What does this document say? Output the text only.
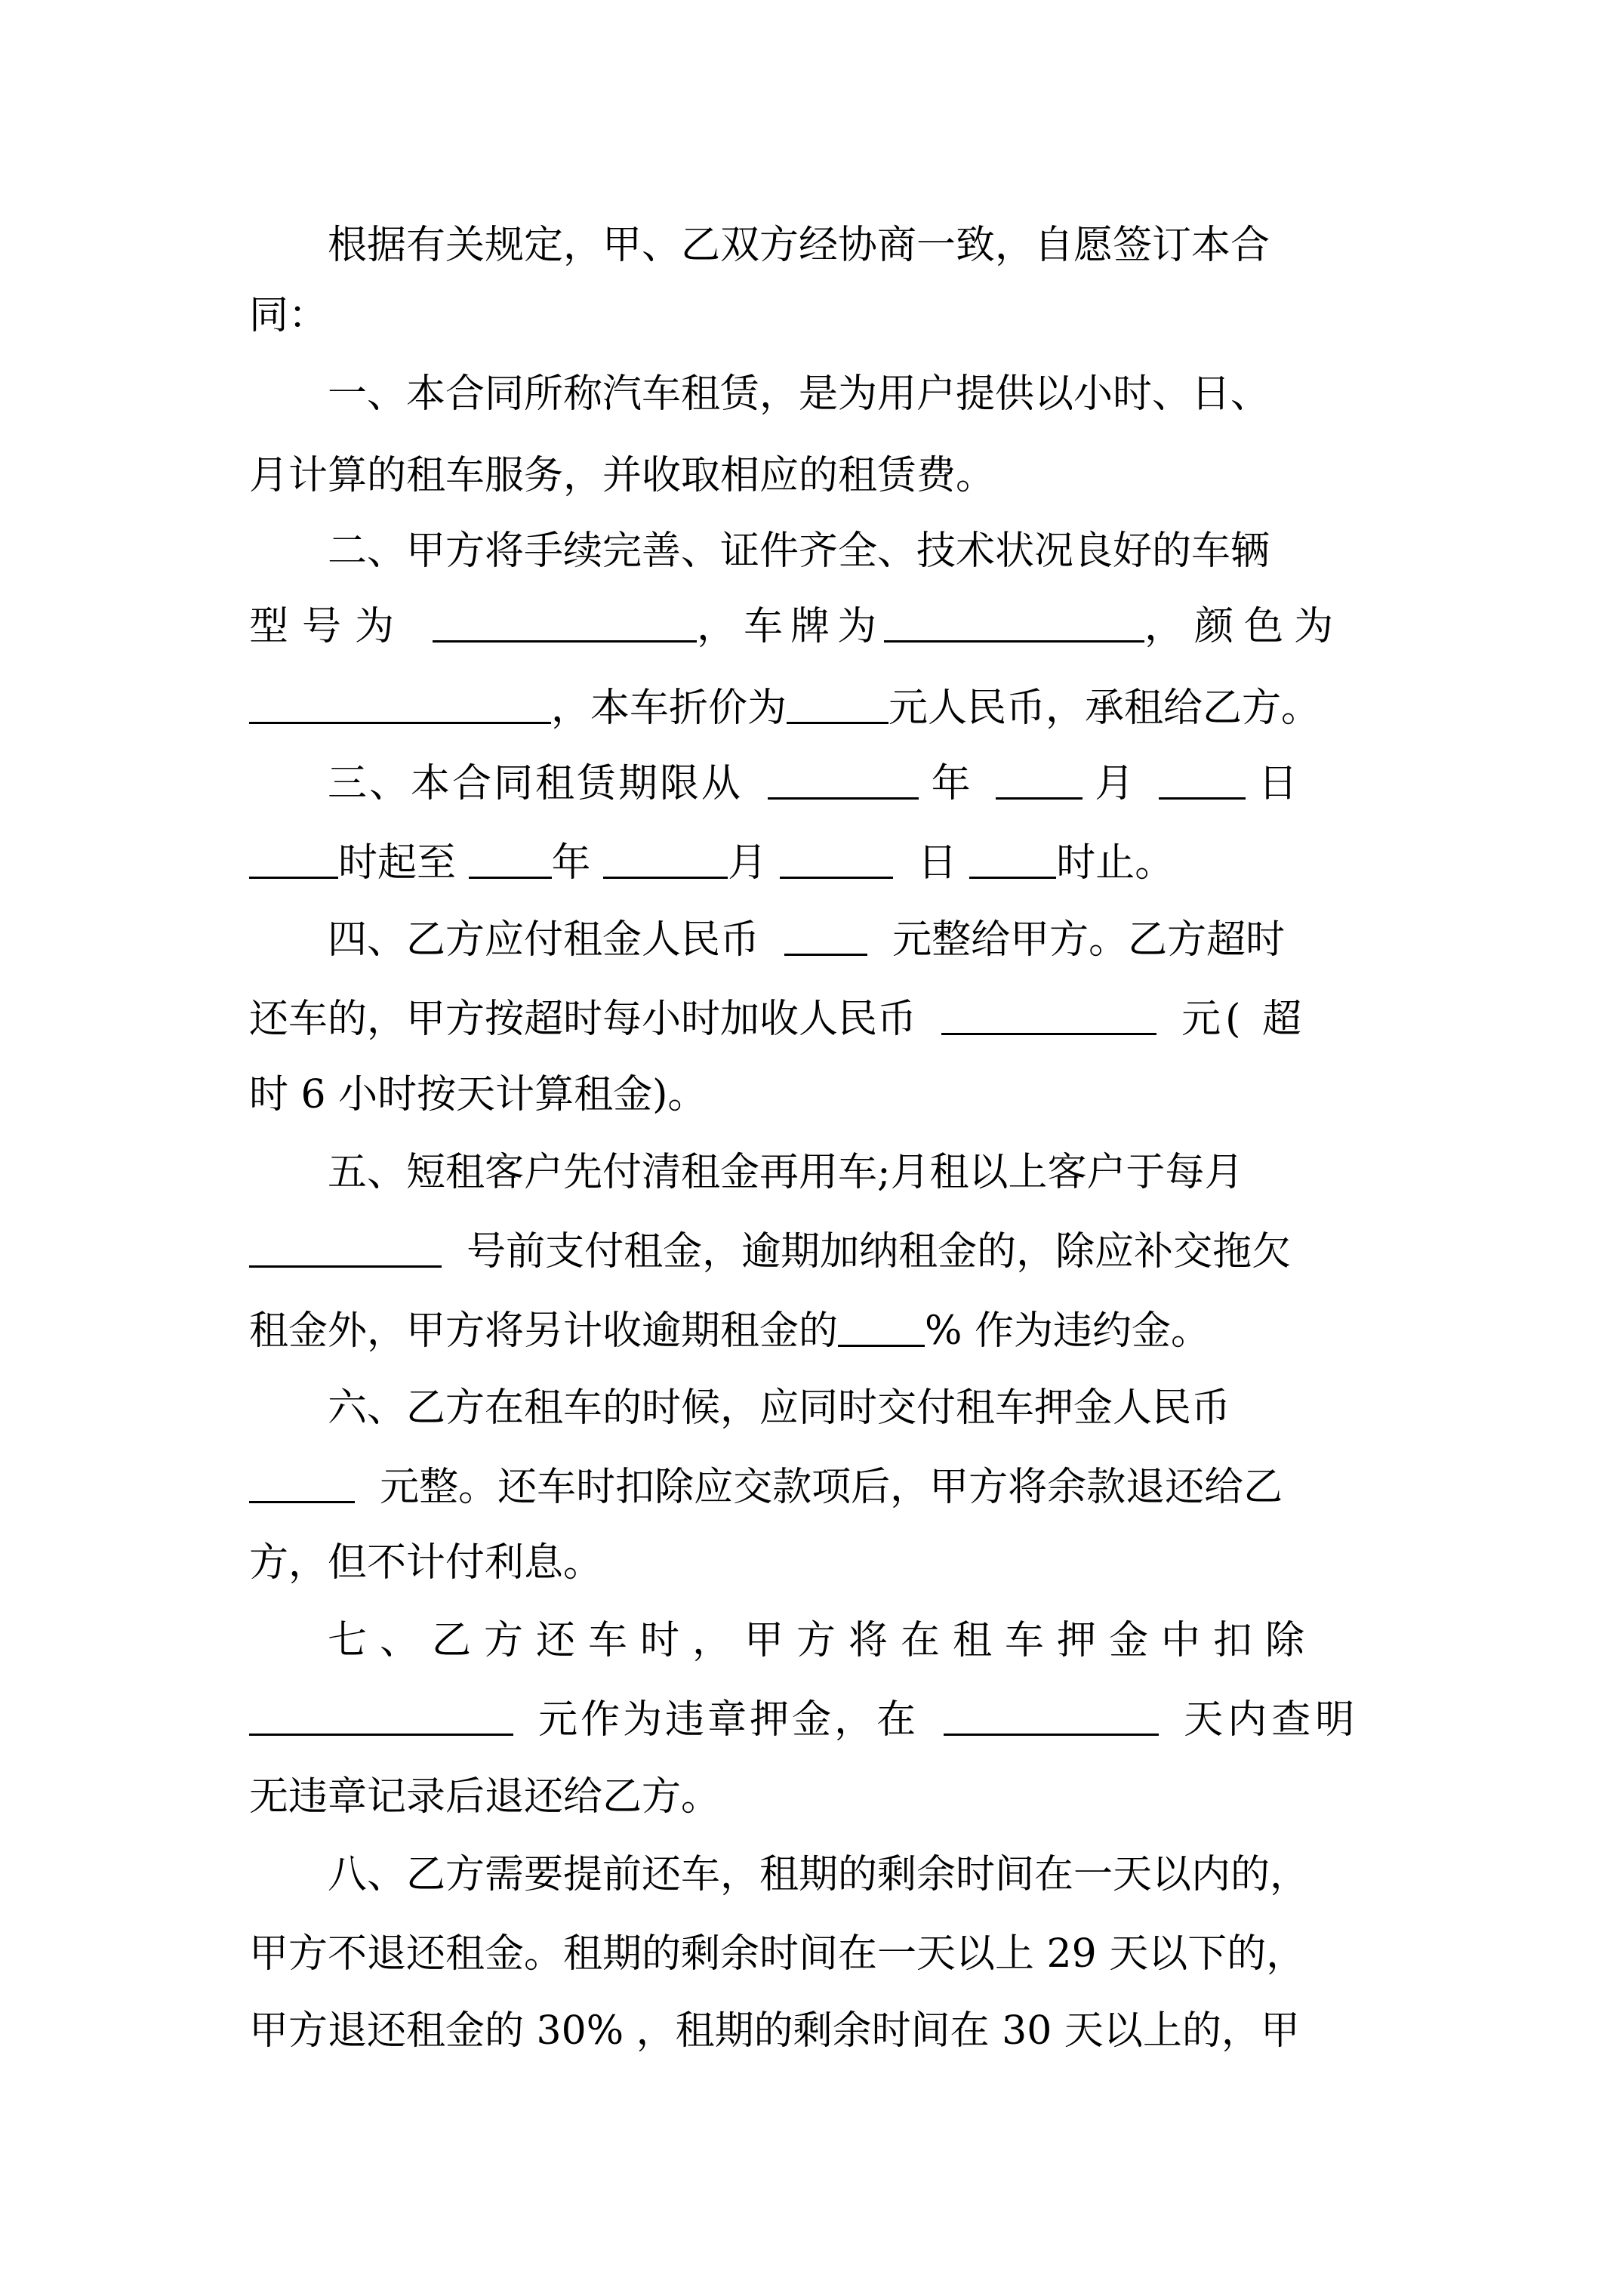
　　根据有关规定，甲、乙双方经协商一致，自愿签订本合
同：
　　一、本合同所称汽车租赁，是为用户提供以小时、日、
月计算的租车服务，并收取相应的租赁费。
　　二、甲方将手续完善、证件齐全、技术状况良好的车辆
型号为	，车牌为	，颜色为
，本车折价为	元人民币，承租给乙方。
　　三、本合同租赁期限从	年	月	日
时起至 年	月	日	时止。
　　四、乙方应付租金人民币	元整给甲方。乙方超时
还车的，甲方按超时每小时加收人民币	元( 超
时 6 小时按天计算租金)。
　　五、短租客户先付清租金再用车;月租以上客户于每月
号前支付租金，逾期加纳租金的，除应补交拖欠
租金外，甲方将另计收逾期租金的 % 作为违约金。
　　六、乙方在租车的时候，应同时交付租车押金人民币
元整。还车时扣除应交款项后，甲方将余款退还给乙
方，但不计付利息。
　　七、乙方还车时，甲方将在租车押金中扣除
元作为违章押金，在	天内查明
无违章记录后退还给乙方。
　　八、乙方需要提前还车，租期的剩余时间在一天以内的，
甲方不退还租金。租期的剩余时间在一天以上 29 天以下的，
甲方退还租金的 30% ，租期的剩余时间在 30 天以上的，甲
